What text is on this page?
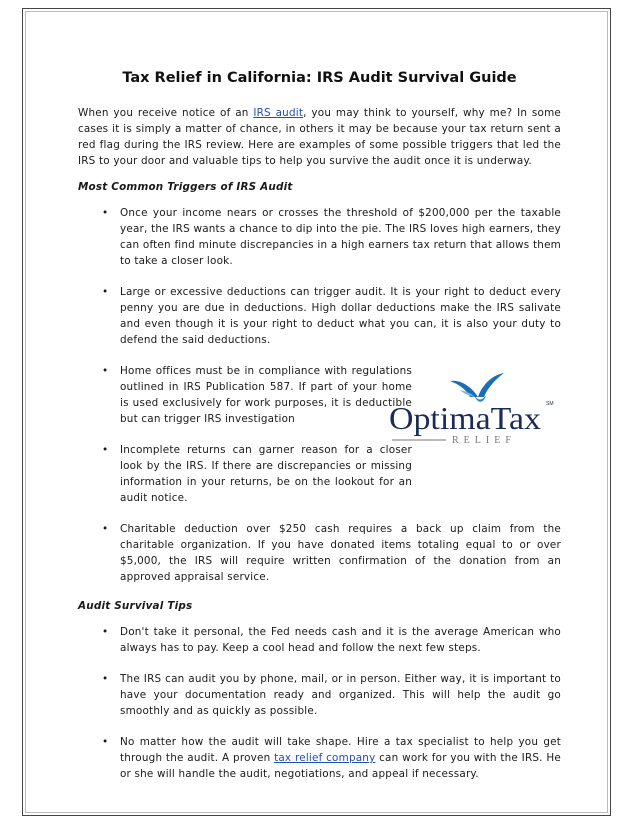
Tax Relief in California: IRS Audit Survival Guide

When you receive notice of an IRS audit, you may think to yourself, why me? In some cases it is simply a matter of chance, in others it may be because your tax return sent a red flag during the IRS review. Here are examples of some possible triggers that led the IRS to your door and valuable tips to help you survive the audit once it is underway.

Most Common Triggers of IRS Audit
• Once your income nears or crosses the threshold of $200,000 per the taxable year, the IRS wants a chance to dip into the pie. The IRS loves high earners, they can often find minute discrepancies in a high earners tax return that allows them to take a closer look.
• Large or excessive deductions can trigger audit. It is your right to deduct every penny you are due in deductions. High dollar deductions make the IRS salivate and even though it is your right to deduct what you can, it is also your duty to defend the said deductions.
• Home offices must be in compliance with regulations outlined in IRS Publication 587. If part of your home is used exclusively for work purposes, it is deductible but can trigger IRS investigation
• Incomplete returns can garner reason for a closer look by the IRS. If there are discrepancies or missing information in your returns, be on the lookout for an audit notice.
• Charitable deduction over $250 cash requires a back up claim from the charitable organization. If you have donated items totaling equal to or over $5,000, the IRS will require written confirmation of the donation from an approved appraisal service.
Audit Survival Tips
• Don't take it personal, the Fed needs cash and it is the average American who always has to pay. Keep a cool head and follow the next few steps.
• The IRS can audit you by phone, mail, or in person. Either way, it is important to have your documentation ready and organized. This will help the audit go smoothly and as quickly as possible.
• No matter how the audit will take shape. Hire a tax specialist to help you get through the audit. A proven tax relief company can work for you with the IRS. He or she will handle the audit, negotiations, and appeal if necessary.
OptimaTax SM
RELIEF
